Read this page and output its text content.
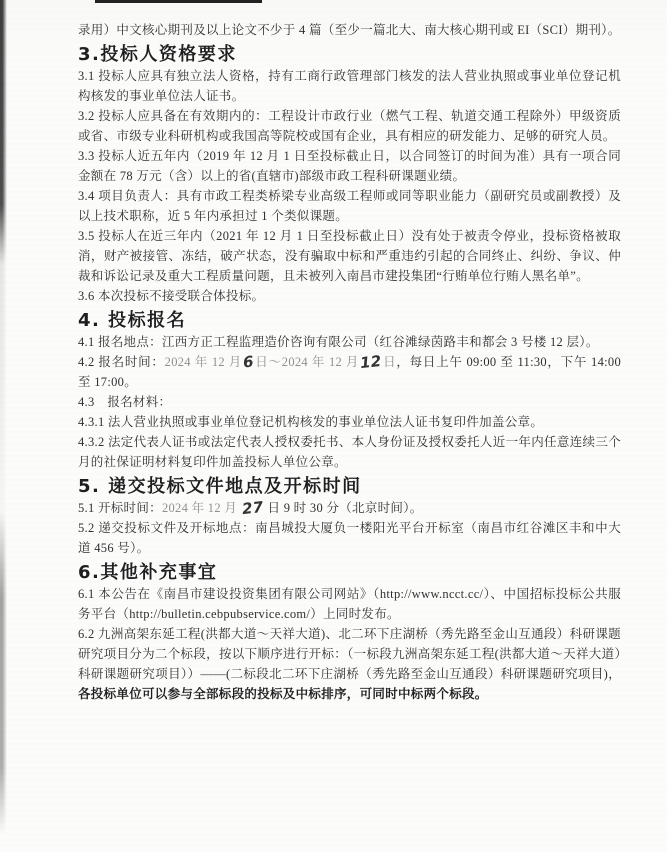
录用）中文核心期刊及以上论文不少于 4 篇（至少一篇北大、南大核心期刊或 EI（SCI）期刊）。

3.投标人资格要求

3.1 投标人应具有独立法人资格，持有工商行政管理部门核发的法人营业执照或事业单位登记机构核发的事业单位法人证书。

3.2 投标人应具备在有效期内的：工程设计市政行业（燃气工程、轨道交通工程除外）甲级资质或省、市级专业科研机构或我国高等院校或国有企业，具有相应的研发能力、足够的研究人员。

3.3 投标人近五年内（2019 年 12 月 1 日至投标截止日，以合同签订的时间为准）具有一项合同金额在 78 万元（含）以上的省(直辖市)部级市政工程科研课题业绩。

3.4 项目负责人：具有市政工程类桥梁专业高级工程师或同等职业能力（副研究员或副教授）及以上技术职称，近 5 年内承担过 1 个类似课题。

3.5 投标人在近三年内（2021 年 12 月 1 日至投标截止日）没有处于被责令停业，投标资格被取消，财产被接管、冻结，破产状态，没有骗取中标和严重违约引起的合同终止、纠纷、争议、仲裁和诉讼记录及重大工程质量问题，且未被列入南昌市建投集团“行贿单位行贿人黑名单”。

3.6 本次投标不接受联合体投标。

4. 投标报名

4.1 报名地点：江西方正工程监理造价咨询有限公司（红谷滩绿茵路丰和都会 3 号楼 12 层）。

4.2 报名时间：2024 年 12 月6日～2024 年 12 月12日，每日上午 09:00 至 11:30，下午 14:00 至 17:00。

4.3　报名材料：

4.3.1 法人营业执照或事业单位登记机构核发的事业单位法人证书复印件加盖公章。

4.3.2 法定代表人证书或法定代表人授权委托书、本人身份证及授权委托人近一年内任意连续三个月的社保证明材料复印件加盖投标人单位公章。

5. 递交投标文件地点及开标时间

5.1 开标时间：2024 年 12 月 27 日 9 时 30 分（北京时间）。

5.2 递交投标文件及开标地点：南昌城投大厦负一楼阳光平台开标室（南昌市红谷滩区丰和中大道 456 号）。

6.其他补充事宜

6.1 本公告在《南昌市建设投资集团有限公司网站》（http://www.ncct.cc/）、中国招标投标公共服务平台（http://bulletin.cebpubservice.com/）上同时发布。

6.2 九洲高架东延工程(洪都大道～天祥大道)、北二环下庄湖桥（秀先路至金山互通段）科研课题研究项目分为二个标段，按以下顺序进行开标：（一标段九洲高架东延工程(洪都大道～天祥大道）科研课题研究项目））——(二标段北二环下庄湖桥（秀先路至金山互通段）科研课题研究项目)，各投标单位可以参与全部标段的投标及中标排序，可同时中标两个标段。
